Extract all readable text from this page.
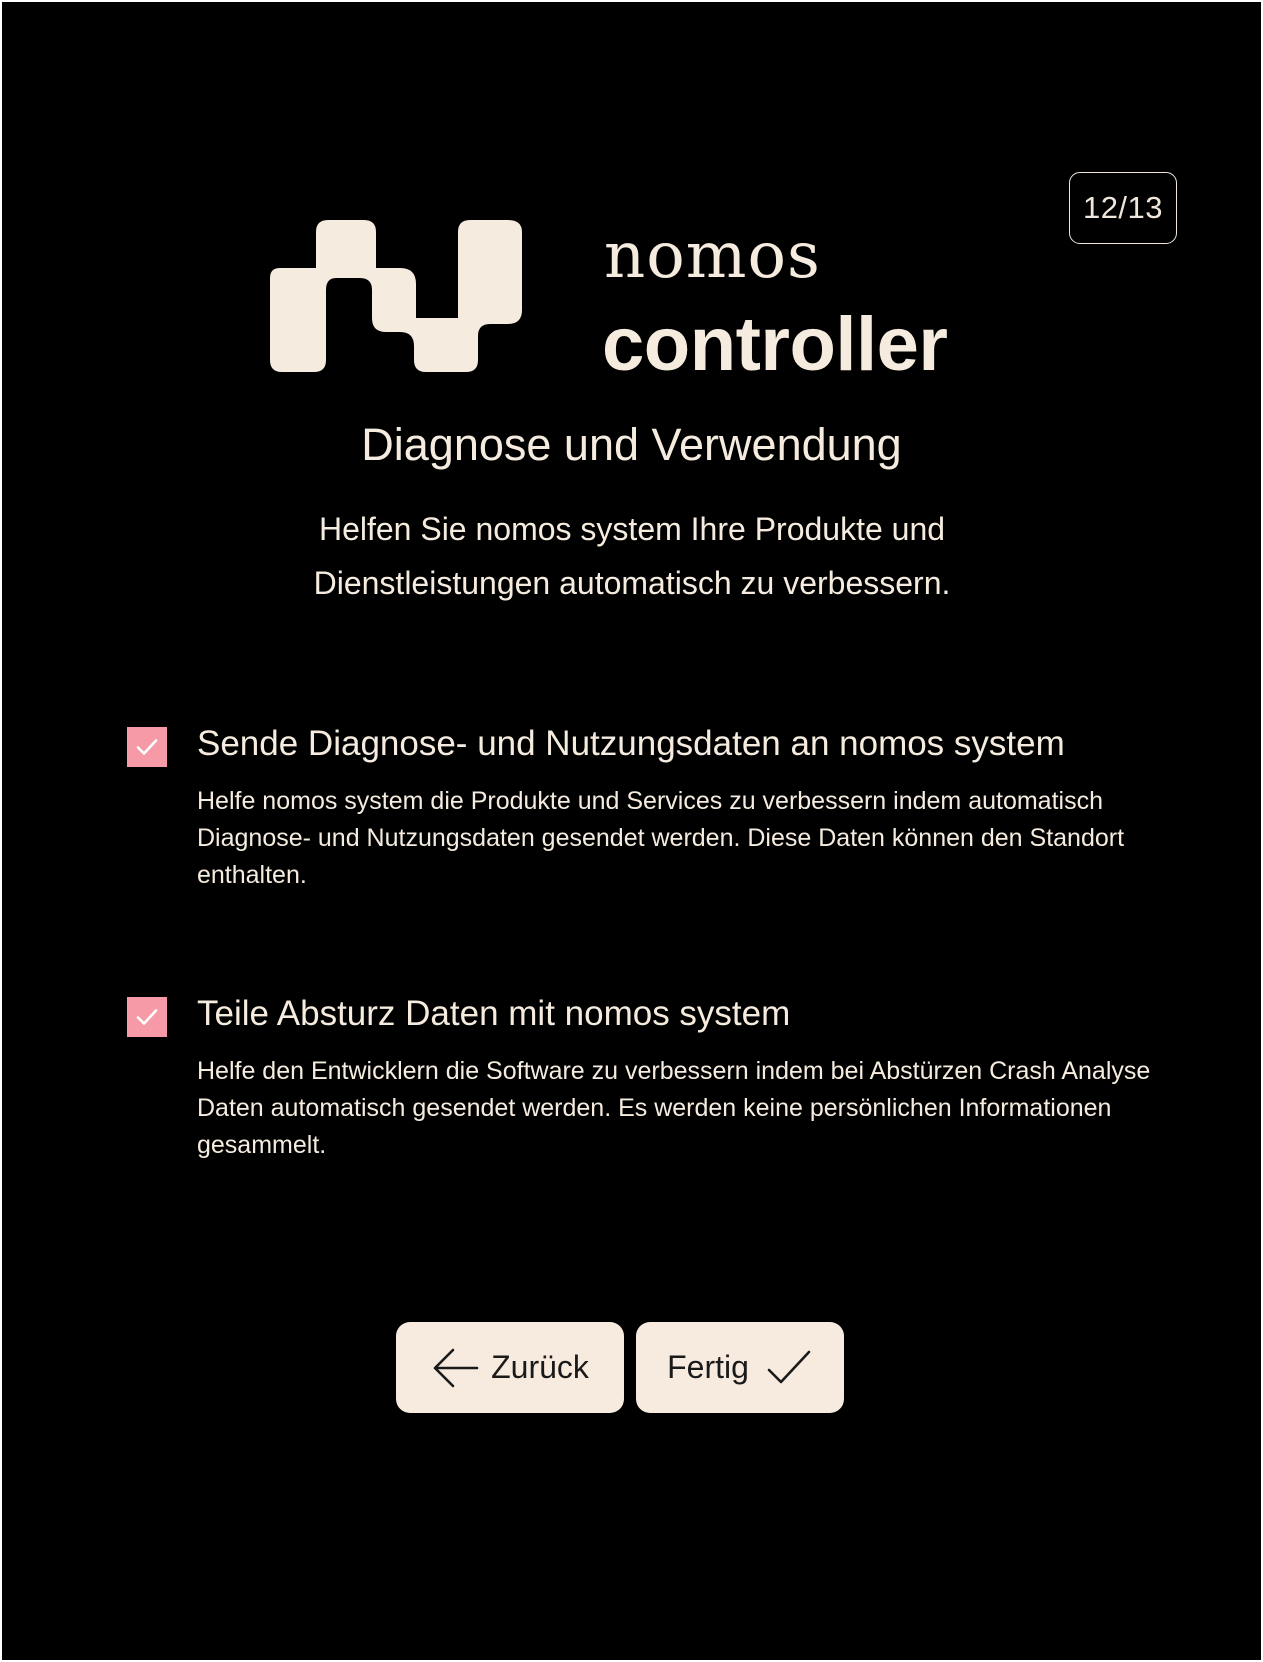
12/13
nomos
controller
Diagnose und Verwendung

Helfen Sie nomos system Ihre Produkte und Dienstleistungen automatisch zu verbessern.

Sende Diagnose- und Nutzungsdaten an nomos system

Helfe nomos system die Produkte und Services zu verbessern indem automatisch Diagnose- und Nutzungsdaten gesendet werden. Diese Daten können den Standort enthalten.

Teile Absturz Daten mit nomos system

Helfe den Entwicklern die Software zu verbessern indem bei Abstürzen Crash Analyse Daten automatisch gesendet werden. Es werden keine persönlichen Informationen gesammelt.

Zurück Fertig
